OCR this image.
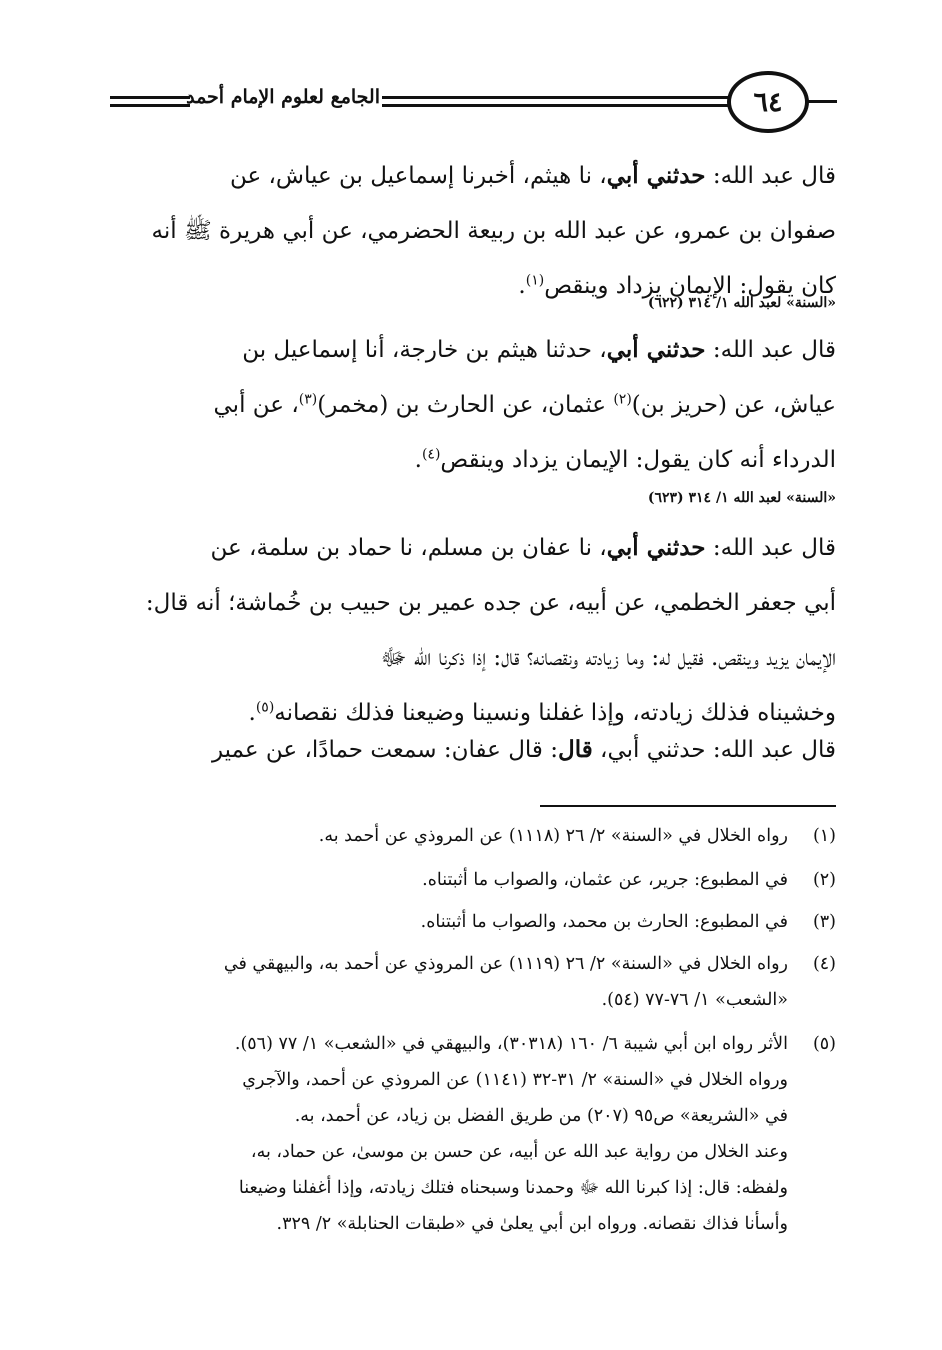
الجامع لعلوم الإمام أحمد	٦٤
قال عبد الله: حدثني أبي، نا هيثم، أخبرنا إسماعيل بن عياش، عن
صفوان بن عمرو، عن عبد الله بن ربيعة الحضرمي، عن أبي هريرة ﷺ أنه
كان يقول: الإيمان يزداد وينقص$^{(١)}$.
«السنة» لعبد الله ١/ ٣١٤ (٦٢٢)
قال عبد الله: حدثني أبي، حدثنا هيثم بن خارجة، أنا إسماعيل بن
عياش، عن (حريز بن)$^{(٢)}$ عثمان، عن الحارث بن (مخمر)$^{(٣)}$، عن أبي
الدرداء أنه كان يقول: الإيمان يزداد وينقص$^{(٤)}$.
«السنة» لعبد الله ١/ ٣١٤ (٦٢٣)
قال عبد الله: حدثني أبي، نا عفان بن مسلم، نا حماد بن سلمة، عن
أبي جعفر الخطمي، عن أبيه، عن جده عمير بن حبيب بن خُماشة؛ أنه قال:
الإيمان يزيد وينقص. فقيل له: وما زيادته ونقصانه؟ قال: إذا ذكرنا الله ﷻ
وخشيناه فذلك زيادته، وإذا غفلنا ونسينا وضيعنا فذلك نقصانه$^{(٥)}$.
قال عبد الله: حدثني أبي، قال: قال عفان: سمعت حمادًا، عن عمير
(١)
رواه الخلال في «السنة» ٢/ ٢٦ (١١١٨) عن المروذي عن أحمد به.
(٢)
في المطبوع: جرير، عن عثمان، والصواب ما أثبتناه.
(٣)
في المطبوع: الحارث بن محمد، والصواب ما أثبتناه.
(٤)
رواه الخلال في «السنة» ٢/ ٢٦ (١١١٩) عن المروذي عن أحمد به، والبيهقي في
«الشعب» ١/ ٧٦-٧٧ (٥٤).
(٥)
الأثر رواه ابن أبي شيبة ٦/ ١٦٠ (٣٠٣١٨)، والبيهقي في «الشعب» ١/ ٧٧ (٥٦).
ورواه الخلال في «السنة» ٢/ ٣١-٣٢ (١١٤١) عن المروذي عن أحمد، والآجري
في «الشريعة» ص٩٥ (٢٠٧) من طريق الفضل بن زياد، عن أحمد، به.
وعند الخلال من رواية عبد الله عن أبيه، عن حسن بن موسىٰ، عن حماد، به،
ولفظه: قال: إذا كبرنا الله ﷻ وحمدنا وسبحناه فتلك زيادته، وإذا أغفلنا وضيعنا
وأسأنا فذاك نقصانه. ورواه ابن أبي يعلىٰ في «طبقات الحنابلة» ٢/ ٣٢٩.
